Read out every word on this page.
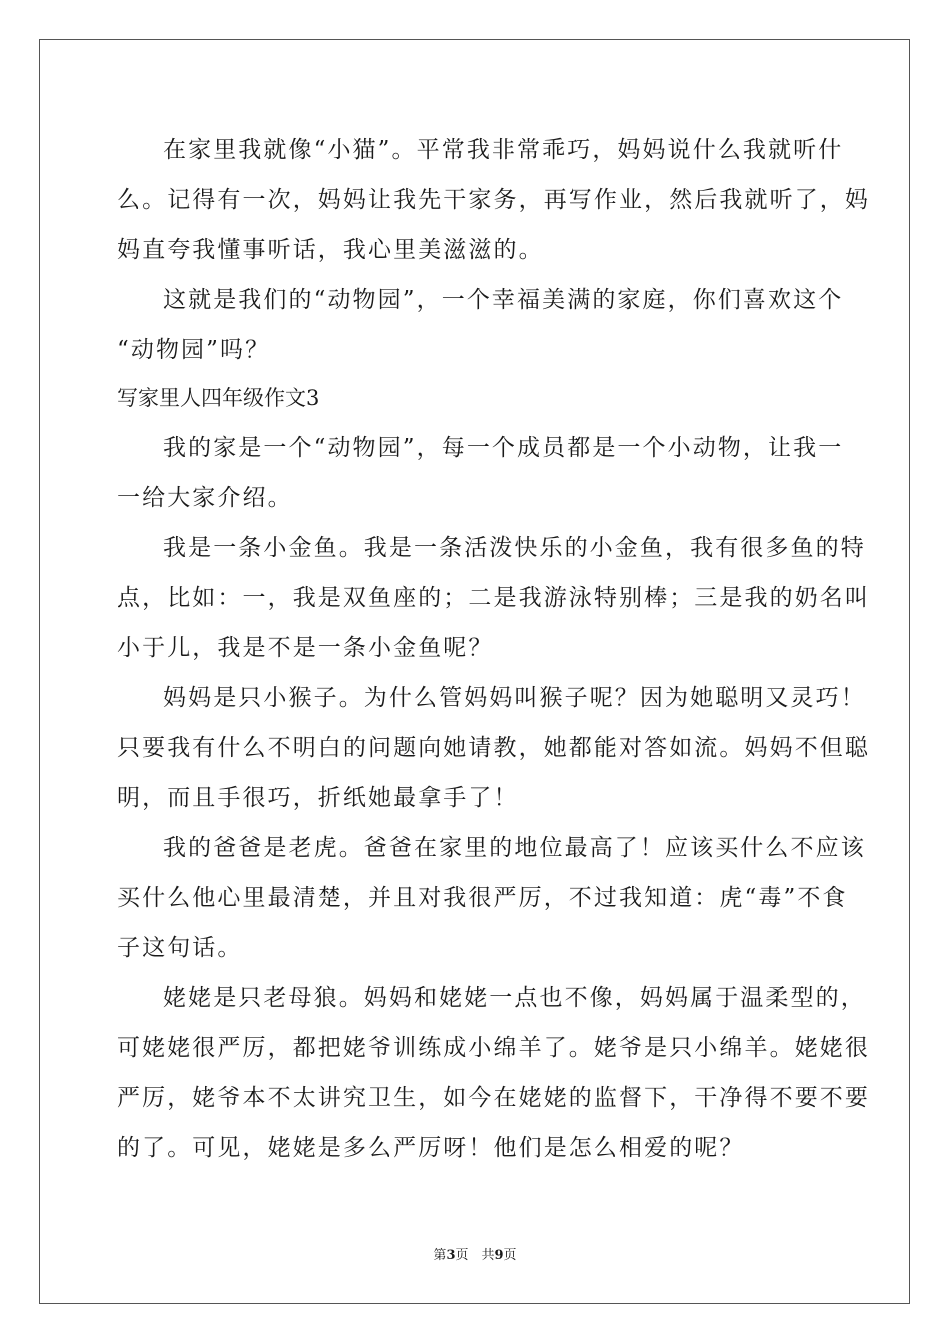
在家里我就像“小猫”。平常我非常乖巧，妈妈说什么我就听什
么。记得有一次，妈妈让我先干家务，再写作业，然后我就听了，妈
妈直夸我懂事听话，我心里美滋滋的。
这就是我们的“动物园”，一个幸福美满的家庭，你们喜欢这个
“动物园”吗？
写家里人四年级作文3
我的家是一个“动物园”，每一个成员都是一个小动物，让我一
一给大家介绍。
我是一条小金鱼。我是一条活泼快乐的小金鱼，我有很多鱼的特
点，比如：一，我是双鱼座的；二是我游泳特别棒；三是我的奶名叫
小于儿，我是不是一条小金鱼呢？
妈妈是只小猴子。为什么管妈妈叫猴子呢？因为她聪明又灵巧！
只要我有什么不明白的问题向她请教，她都能对答如流。妈妈不但聪
明，而且手很巧，折纸她最拿手了！
我的爸爸是老虎。爸爸在家里的地位最高了！应该买什么不应该
买什么他心里最清楚，并且对我很严厉，不过我知道：虎“毒”不食
子这句话。
姥姥是只老母狼。妈妈和姥姥一点也不像，妈妈属于温柔型的，
可姥姥很严厉，都把姥爷训练成小绵羊了。姥爷是只小绵羊。姥姥很
严厉，姥爷本不太讲究卫生，如今在姥姥的监督下，干净得不要不要
的了。可见，姥姥是多么严厉呀！他们是怎么相爱的呢？
第3页　共9页
